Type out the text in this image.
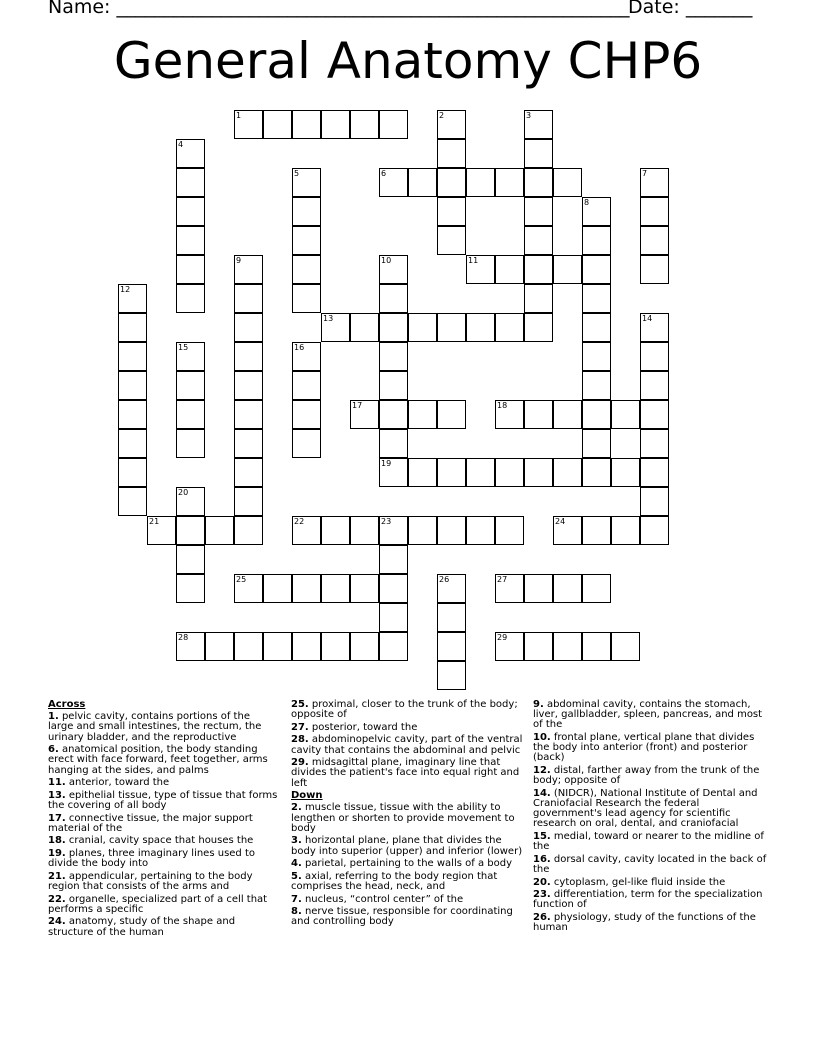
Name: ______________________________________________________
Date: _______
General Anatomy CHP6
1	2	3
4
5	6	7
8
9	10	11
12
13	14
15	16
17	18
19
20
21	22	23	24
25	26	27
28	29
Across
1. pelvic cavity, contains portions of the large and small intestines, the rectum, the urinary bladder, and the reproductive
6. anatomical position, the body standing erect with face forward, feet together, arms hanging at the sides, and palms
11. anterior, toward the
13. epithelial tissue, type of tissue that forms the covering of all body
17. connective tissue, the major support material of the
18. cranial, cavity space that houses the
19. planes, three imaginary lines used to divide the body into
21. appendicular, pertaining to the body region that consists of the arms and
22. organelle, specialized part of a cell that performs a specific
24. anatomy, study of the shape and structure of the human
25. proximal, closer to the trunk of the body; opposite of
27. posterior, toward the
28. abdominopelvic cavity, part of the ventral cavity that contains the abdominal and pelvic
29. midsagittal plane, imaginary line that divides the patient's face into equal right and left
Down
2. muscle tissue, tissue with the ability to lengthen or shorten to provide movement to body
3. horizontal plane, plane that divides the body into superior (upper) and inferior (lower)
4. parietal, pertaining to the walls of a body
5. axial, referring to the body region that comprises the head, neck, and
7. nucleus, “control center” of the
8. nerve tissue, responsible for coordinating and controlling body
9. abdominal cavity, contains the stomach, liver, gallbladder, spleen, pancreas, and most of the
10. frontal plane, vertical plane that divides the body into anterior (front) and posterior (back)
12. distal, farther away from the trunk of the body; opposite of
14. (NIDCR), National Institute of Dental and Craniofacial Research the federal government's lead agency for scientific research on oral, dental, and craniofacial
15. medial, toward or nearer to the midline of the
16. dorsal cavity, cavity located in the back of the
20. cytoplasm, gel-like fluid inside the
23. differentiation, term for the specialization function of
26. physiology, study of the functions of the human
